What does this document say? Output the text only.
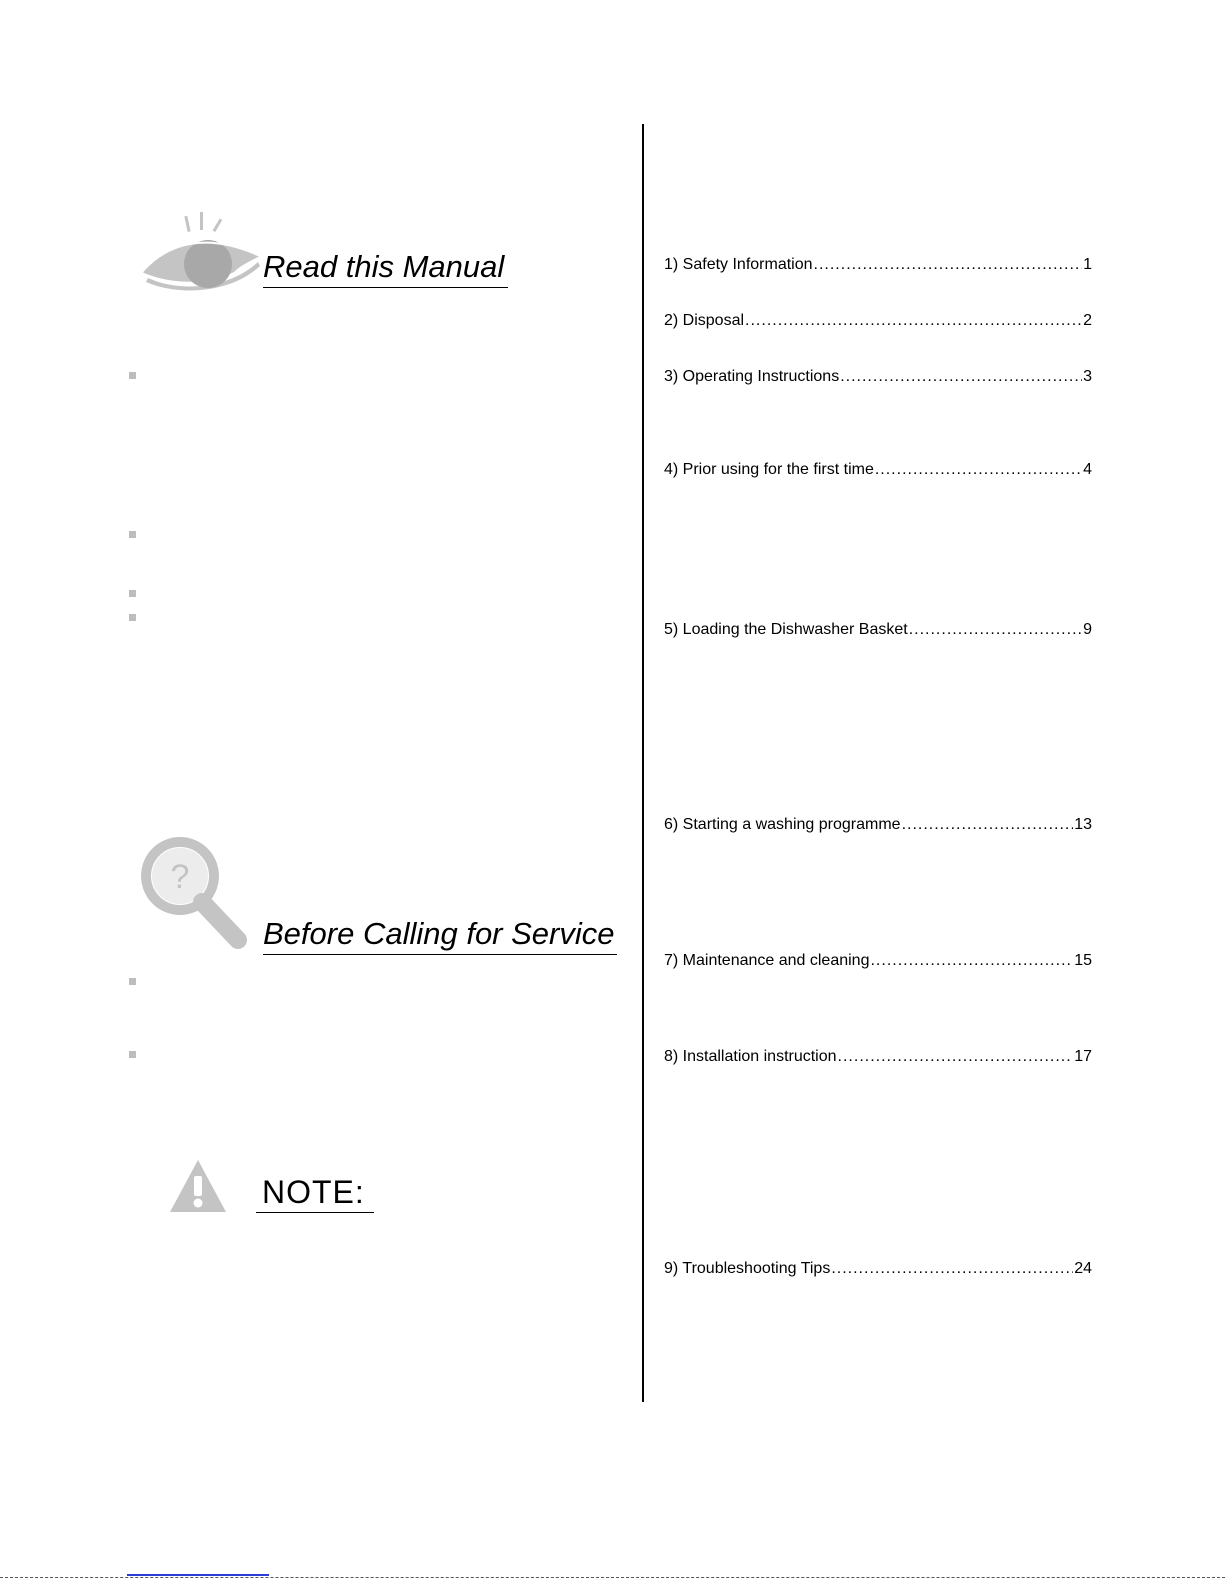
Read this Manual
?
Before Calling for Service
NOTE:
1) Safety Information .....	1
2) Disposal .....	2
3) Operating Instructions .....	3
4) Prior using for the first time .....	4
5) Loading the Dishwasher Basket .....	9
6) Starting a washing programme .....	13
7) Maintenance and cleaning .....	15
8) Installation instruction .....	17
9) Troubleshooting Tips .....	24
